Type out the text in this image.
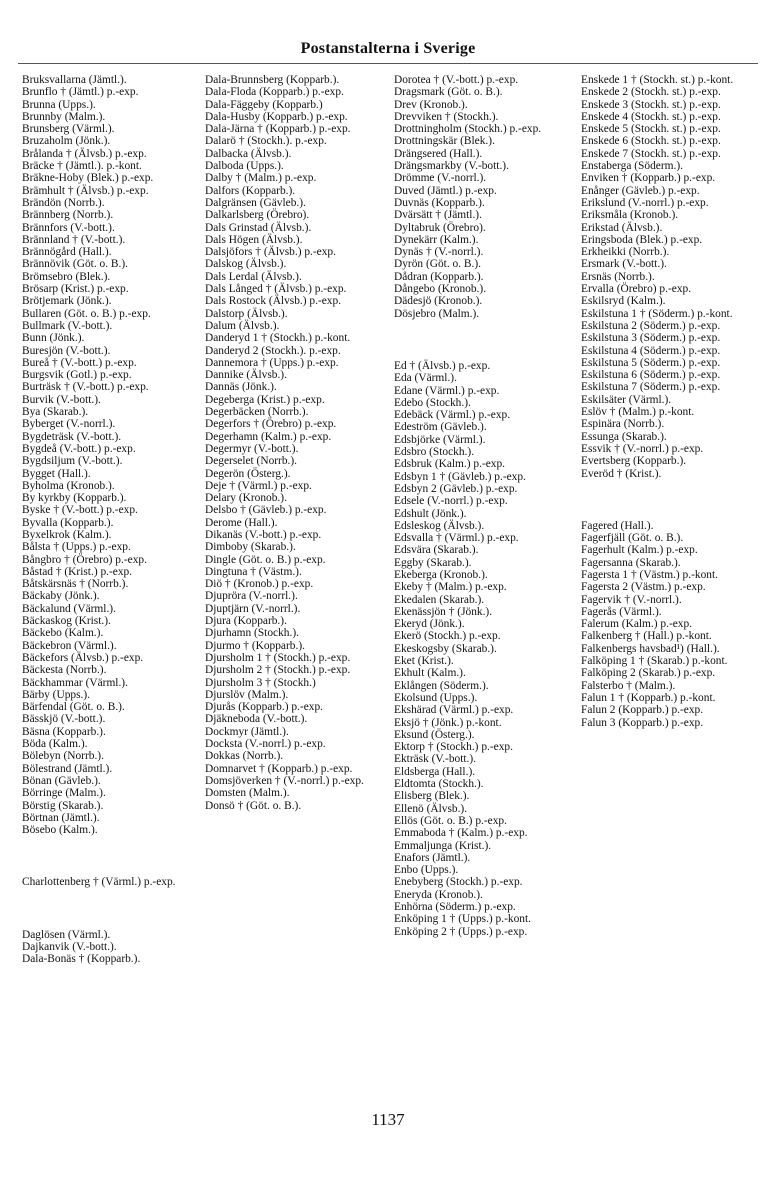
Postanstalterna i Sverige

Bruksvallarna (Jämtl.).

Brunflo † (Jämtl.) p.-exp.

Brunna (Upps.).

Brunnby (Malm.).

Brunsberg (Värml.).

Bruzaholm (Jönk.).

Brålanda † (Älvsb.) p.-exp.

Bräcke † (Jämtl.). p.-kont.

Bräkne-Hoby (Blek.) p.-exp.

Brämhult † (Älvsb.) p.-exp.

Brändön (Norrb.).

Brännberg (Norrb.).

Brännfors (V.-bott.).

Brännland † (V.-bott.).

Brännögård (Hall.).

Brännövik (Göt. o. B.).

Brömsebro (Blek.).

Brösarp (Krist.) p.-exp.

Brötjemark (Jönk.).

Bullaren (Göt. o. B.) p.-exp.

Bullmark (V.-bott.).

Bunn (Jönk.).

Buresjön (V.-bott.).

Bureå † (V.-bott.) p.-exp.

Burgsvik (Gotl.) p.-exp.

Burträsk † (V.-bott.) p.-exp.

Burvik (V.-bott.).

Bya (Skarab.).

Byberget (V.-norrl.).

Bygdeträsk (V.-bott.).

Bygdeå (V.-bott.) p.-exp.

Bygdsiljum (V.-bott.).

Bygget (Hall.).

Byholma (Kronob.).

By kyrkby (Kopparb.).

Byske † (V.-bott.) p.-exp.

Byvalla (Kopparb.).

Byxelkrok (Kalm.).

Bålsta † (Upps.) p.-exp.

Bångbro † (Örebro) p.-exp.

Båstad † (Krist.) p.-exp.

Båtskärsnäs † (Norrb.).

Bäckaby (Jönk.).

Bäckalund (Värml.).

Bäckaskog (Krist.).

Bäckebo (Kalm.).

Bäckebron (Värml.).

Bäckefors (Älvsb.) p.-exp.

Bäckesta (Norrb.).

Bäckhammar (Värml.).

Bärby (Upps.).

Bärfendal (Göt. o. B.).

Bässkjö (V.-bott.).

Bäsna (Kopparb.).

Böda (Kalm.).

Bölebyn (Norrb.).

Bölestrand (Jämtl.).

Bönan (Gävleb.).

Börringe (Malm.).

Börstig (Skarab.).

Börtnan (Jämtl.).

Bösebo (Kalm.).

Charlottenberg † (Värml.) p.-exp.

Daglösen (Värml.).

Dajkanvik (V.-bott.).

Dala-Bonäs † (Kopparb.).

Dala-Brunnsberg (Kopparb.).

Dala-Floda (Kopparb.) p.-exp.

Dala-Fäggeby (Kopparb.)

Dala-Husby (Kopparb.) p.-exp.

Dala-Järna † (Kopparb.) p.-exp.

Dalarö † (Stockh.). p.-exp.

Dalbacka (Älvsb.).

Dalboda (Upps.).

Dalby † (Malm.) p.-exp.

Dalfors (Kopparb.).

Dalgränsen (Gävleb.).

Dalkarlsberg (Örebro).

Dals Grinstad (Älvsb.).

Dals Högen (Älvsb.).

Dalsjöfors † (Älvsb.) p.-exp.

Dalskog (Älvsb.).

Dals Lerdal (Älvsb.).

Dals Långed † (Älvsb.) p.-exp.

Dals Rostock (Älvsb.) p.-exp.

Dalstorp (Älvsb.).

Dalum (Älvsb.).

Danderyd 1 † (Stockh.) p.-kont.

Danderyd 2 (Stockh.). p.-exp.

Dannemora † (Upps.) p.-exp.

Dannike (Älvsb.).

Dannäs (Jönk.).

Degeberga (Krist.) p.-exp.

Degerbäcken (Norrb.).

Degerfors † (Örebro) p.-exp.

Degerhamn (Kalm.) p.-exp.

Degermyr (V.-bott.).

Degerselet (Norrb.).

Degerön (Österg.).

Deje † (Värml.) p.-exp.

Delary (Kronob.).

Delsbo † (Gävleb.) p.-exp.

Derome (Hall.).

Dikanäs (V.-bott.) p.-exp.

Dimboby (Skarab.).

Dingle (Göt. o. B.) p.-exp.

Dingtuna † (Västm.).

Diö † (Kronob.) p.-exp.

Djupröra (V.-norrl.).

Djuptjärn (V.-norrl.).

Djura (Kopparb.).

Djurhamn (Stockh.).

Djurmo † (Kopparb.).

Djursholm 1 † (Stockh.) p.-exp.

Djursholm 2 † (Stockh.) p.-exp.

Djursholm 3 † (Stockh.)

Djurslöv (Malm.).

Djurås (Kopparb.) p.-exp.

Djäkneboda (V.-bott.).

Dockmyr (Jämtl.).

Docksta (V.-norrl.) p.-exp.

Dokkas (Norrb.).

Domnarvet † (Kopparb.) p.-exp.

Domsjöverken † (V.-norrl.) p.-exp.

Domsten (Malm.).

Donsö † (Göt. o. B.).

Dorotea † (V.-bott.) p.-exp.

Dragsmark (Göt. o. B.).

Drev (Kronob.).

Drevviken † (Stockh.).

Drottningholm (Stockh.) p.-exp.

Drottningskär (Blek.).

Drängsered (Hall.).

Drängsmarkby (V.-bott.).

Drömme (V.-norrl.).

Duved (Jämtl.) p.-exp.

Duvnäs (Kopparb.).

Dvärsätt † (Jämtl.).

Dyltabruk (Örebro).

Dynekärr (Kalm.).

Dynäs † (V.-norrl.).

Dyrön (Göt. o. B.).

Dådran (Kopparb.).

Dångebo (Kronob.).

Dädesjö (Kronob.).

Dösjebro (Malm.).

Ed † (Älvsb.) p.-exp.

Eda (Värml.).

Edane (Värml.) p.-exp.

Edebo (Stockh.).

Edebäck (Värml.) p.-exp.

Edeström (Gävleb.).

Edsbjörke (Värml.).

Edsbro (Stockh.).

Edsbruk (Kalm.) p.-exp.

Edsbyn 1 † (Gävleb.) p.-exp.

Edsbyn 2 (Gävleb.) p.-exp.

Edsele (V.-norrl.) p.-exp.

Edshult (Jönk.).

Edsleskog (Älvsb.).

Edsvalla † (Värml.) p.-exp.

Edsvära (Skarab.).

Eggby (Skarab.).

Ekeberga (Kronob.).

Ekeby † (Malm.) p.-exp.

Ekedalen (Skarab.).

Ekenässjön † (Jönk.).

Ekeryd (Jönk.).

Ekerö (Stockh.) p.-exp.

Ekeskogsby (Skarab.).

Eket (Krist.).

Ekhult (Kalm.).

Eklången (Söderm.).

Ekolsund (Upps.).

Ekshärad (Värml.) p.-exp.

Eksjö † (Jönk.) p.-kont.

Eksund (Österg.).

Ektorp † (Stockh.) p.-exp.

Ekträsk (V.-bott.).

Eldsberga (Hall.).

Eldtomta (Stockh.).

Elisberg (Blek.).

Ellenö (Älvsb.).

Ellös (Göt. o. B.) p.-exp.

Emmaboda † (Kalm.) p.-exp.

Emmaljunga (Krist.).

Enafors (Jämtl.).

Enbo (Upps.).

Enebyberg (Stockh.) p.-exp.

Eneryda (Kronob.).

Enhörna (Söderm.) p.-exp.

Enköping 1 † (Upps.) p.-kont.

Enköping 2 † (Upps.) p.-exp.

Enskede 1 † (Stockh. st.) p.-kont.

Enskede 2 (Stockh. st.) p.-exp.

Enskede 3 (Stockh. st.) p.-exp.

Enskede 4 (Stockh. st.) p.-exp.

Enskede 5 (Stockh. st.) p.-exp.

Enskede 6 (Stockh. st.) p.-exp.

Enskede 7 (Stockh. st.) p.-exp.

Enstaberga (Söderm.).

Enviken † (Kopparb.) p.-exp.

Enånger (Gävleb.) p.-exp.

Erikslund (V.-norrl.) p.-exp.

Eriksmåla (Kronob.).

Erikstad (Älvsb.).

Eringsboda (Blek.) p.-exp.

Erkheikki (Norrb.).

Ersmark (V.-bott.).

Ersnäs (Norrb.).

Ervalla (Örebro) p.-exp.

Eskilsryd (Kalm.).

Eskilstuna 1 † (Söderm.) p.-kont.

Eskilstuna 2 (Söderm.) p.-exp.

Eskilstuna 3 (Söderm.) p.-exp.

Eskilstuna 4 (Söderm.) p.-exp.

Eskilstuna 5 (Söderm.) p.-exp.

Eskilstuna 6 (Söderm.) p.-exp.

Eskilstuna 7 (Söderm.) p.-exp.

Eskilsäter (Värml.).

Eslöv † (Malm.) p.-kont.

Espinära (Norrb.).

Essunga (Skarab.).

Essvik † (V.-norrl.) p.-exp.

Evertsberg (Kopparb.).

Everöd † (Krist.).

Fagered (Hall.).

Fagerfjäll (Göt. o. B.).

Fagerhult (Kalm.) p.-exp.

Fagersanna (Skarab.).

Fagersta 1 † (Västm.) p.-kont.

Fagersta 2 (Västm.) p.-exp.

Fagervik † (V.-norrl.).

Fagerås (Värml.).

Falerum (Kalm.) p.-exp.

Falkenberg † (Hall.) p.-kont.

Falkenbergs havsbad¹) (Hall.).

Falköping 1 † (Skarab.) p.-kont.

Falköping 2 (Skarab.) p.-exp.

Falsterbo † (Malm.).

Falun 1 † (Kopparb.) p.-kont.

Falun 2 (Kopparb.) p.-exp.

Falun 3 (Kopparb.) p.-exp.

1137
